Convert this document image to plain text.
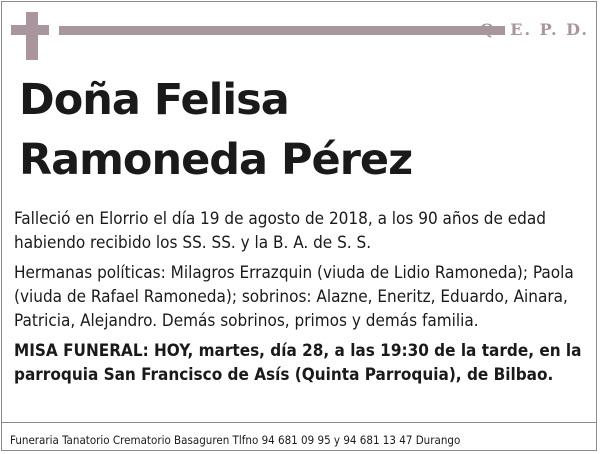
Q. E. P. D.
Doña Felisa
Ramoneda Pérez

Falleció en Elorrio el día 19 de agosto de 2018, a los 90 años de edad habiendo recibido los SS. SS. y la B. A. de S. S.

Hermanas políticas: Milagros Errazquin (viuda de Lidio Ramoneda); Paola (viuda de Rafael Ramoneda); sobrinos: Alazne, Eneritz, Eduardo, Ainara, Patricia, Alejandro. Demás sobrinos, primos y demás familia.

MISA FUNERAL: HOY, martes, día 28, a las 19:30 de la tarde, en la parroquia San Francisco de Asís (Quinta Parroquia), de Bilbao.

Funeraria Tanatorio Crematorio Basaguren Tlfno 94 681 09 95 y 94 681 13 47 Durango
